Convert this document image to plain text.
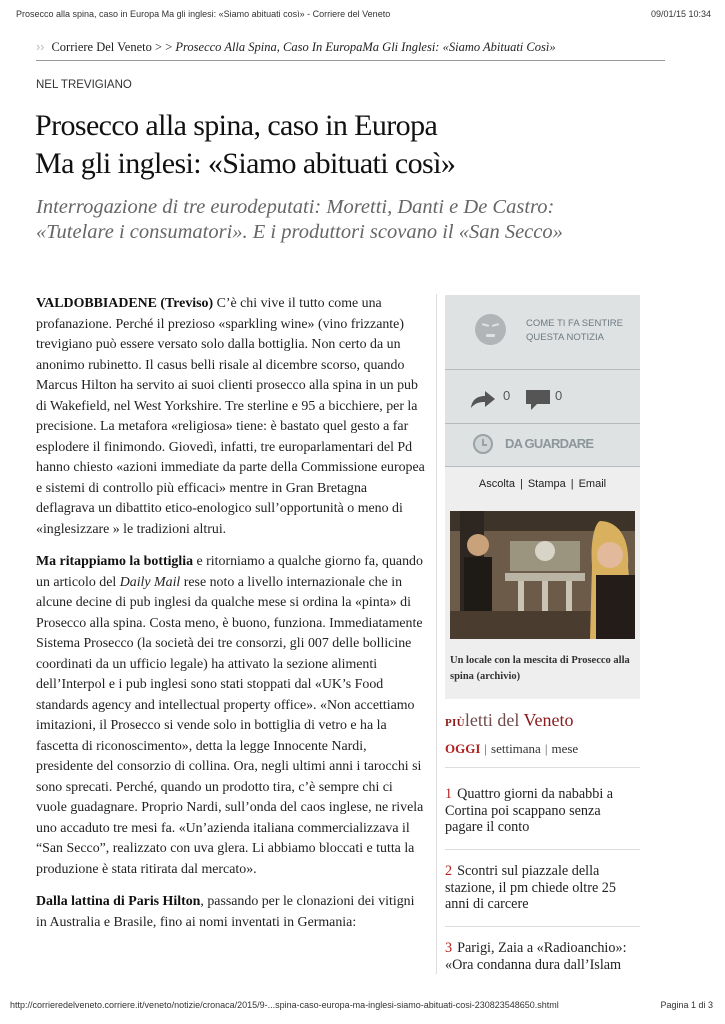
Prosecco alla spina, caso in Europa Ma gli inglesi: «Siamo abituati così» - Corriere del Veneto	09/01/15 10:34
›› Corriere Del Veneto > > Prosecco Alla Spina, Caso In EuropaMa Gli Inglesi: «Siamo Abituati Così»
NEL TREVIGIANO
Prosecco alla spina, caso in Europa
Ma gli inglesi: «Siamo abituati così»

Interrogazione di tre eurodeputati: Moretti, Danti e De Castro: «Tutelare i consumatori». E i produttori scovano il «San Secco»

VALDOBBIADENE (Treviso) C’è chi vive il tutto come una profanazione. Perché il prezioso «sparkling wine» (vino frizzante) trevigiano può essere versato solo dalla bottiglia. Non certo da un anonimo rubinetto. Il casus belli risale al dicembre scorso, quando Marcus Hilton ha servito ai suoi clienti prosecco alla spina in un pub di Wakefield, nel West Yorkshire. Tre sterline e 95 a bicchiere, per la precisione. La metafora «religiosa» tiene: è bastato quel gesto a far esplodere il finimondo. Giovedì, infatti, tre europarlamentari del Pd hanno chiesto «azioni immediate da parte della Commissione europea e sistemi di controllo più efficaci» mentre in Gran Bretagna deflagrava un dibattito etico-enologico sull’opportunità o meno di «inglesizzare » le tradizioni altrui.

Ma ritappiamo la bottiglia e ritorniamo a qualche giorno fa, quando un articolo del Daily Mail rese noto a livello internazionale che in alcune decine di pub inglesi da qualche mese si ordina la «pinta» di Prosecco alla spina. Costa meno, è buono, funziona. Immediatamente Sistema Prosecco (la società dei tre consorzi, gli 007 delle bollicine coordinati da un ufficio legale) ha attivato la sezione alimenti dell’Interpol e i pub inglesi sono stati stoppati dal «UK’s Food standards agency and intellectual property office». «Non accettiamo imitazioni, il Prosecco si vende solo in bottiglia di vetro e ha la fascetta di riconoscimento», detta la legge Innocente Nardi, presidente del consorzio di collina. Ora, negli ultimi anni i tarocchi si sono sprecati. Perché, quando un prodotto tira, c’è sempre chi ci vuole guadagnare. Proprio Nardi, sull’onda del caos inglese, ne rivela uno accaduto tre mesi fa. «Un’azienda italiana commercializzava il “San Secco”, realizzato con uva glera. Li abbiamo bloccati e tutta la produzione è stata ritirata dal mercato».

Dalla lattina di Paris Hilton, passando per le clonazioni dei vitigni in Australia e Brasile, fino ai nomi inventati in Germania:

COME TI FA SENTIRE QUESTA NOTIZIA
0	0
DA GUARDARE
Ascolta | Stampa | Email
Un locale con la mescita di Prosecco alla spina (archivio)
PIÙletti del Veneto
OGGI | settimana | mese
1 Quattro giorni da nababbi a Cortina poi scappano senza pagare il conto
2 Scontri sul piazzale della stazione, il pm chiede oltre 25 anni di carcere
3 Parigi, Zaia a «Radioanchio»: «Ora condanna dura dall’Islam
http://corrieredelveneto.corriere.it/veneto/notizie/cronaca/2015/9-...spina-caso-europa-ma-inglesi-siamo-abituati-cosi-230823548650.shtml	Pagina 1 di 3
